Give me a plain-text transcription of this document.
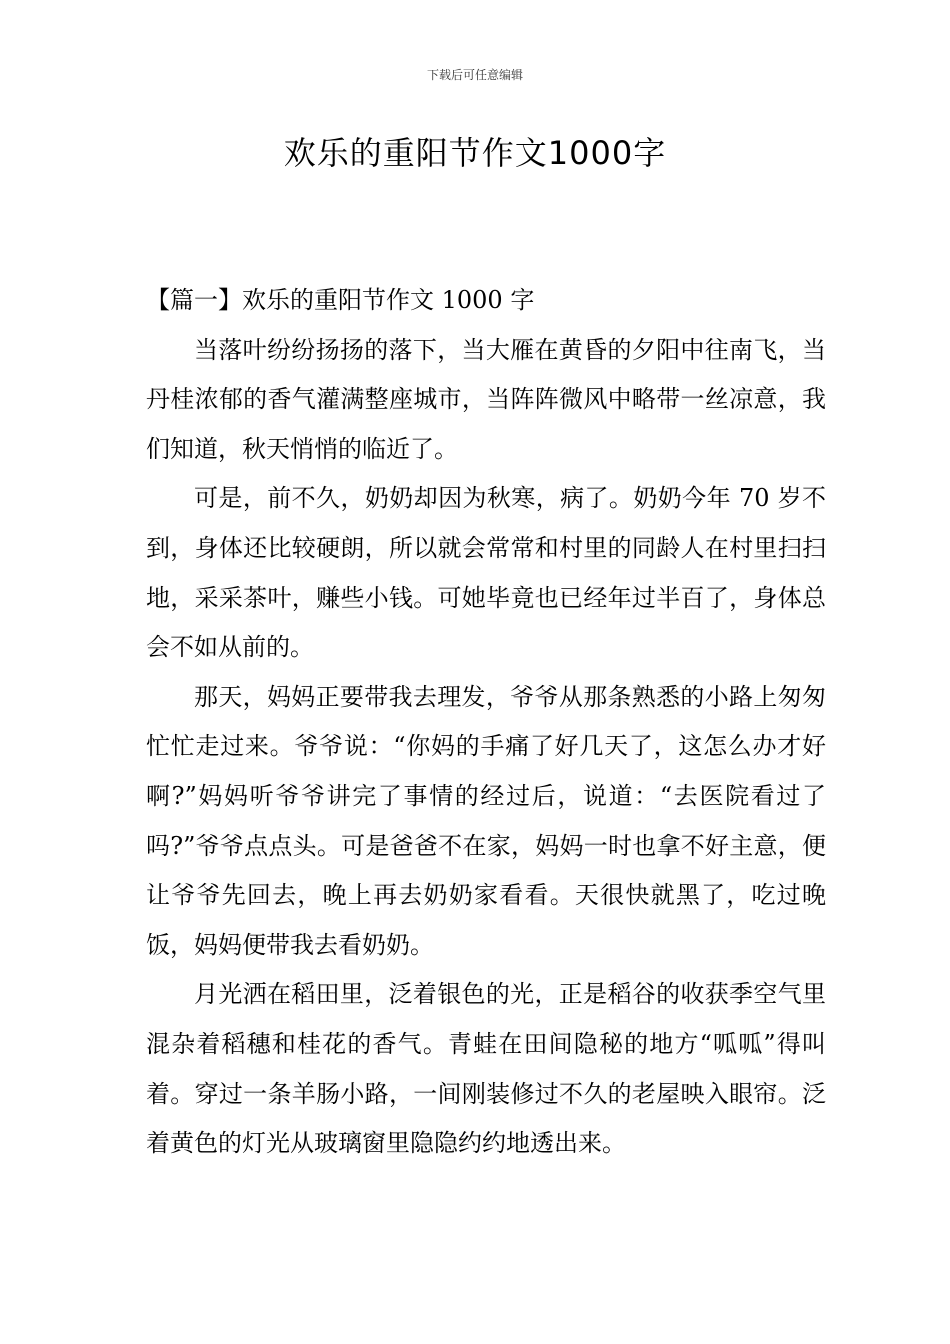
下载后可任意编辑
欢乐的重阳节作文1000字

【篇一】欢乐的重阳节作文 1000 字

当落叶纷纷扬扬的落下，当大雁在黄昏的夕阳中往南飞，当丹桂浓郁的香气灌满整座城市，当阵阵微风中略带一丝凉意，我们知道，秋天悄悄的临近了。

可是，前不久，奶奶却因为秋寒，病了。奶奶今年 70 岁不到，身体还比较硬朗，所以就会常常和村里的同龄人在村里扫扫地，采采茶叶，赚些小钱。可她毕竟也已经年过半百了，身体总会不如从前的。

那天，妈妈正要带我去理发，爷爷从那条熟悉的小路上匆匆忙忙走过来。爷爷说：“你妈的手痛了好几天了，这怎么办才好啊?”妈妈听爷爷讲完了事情的经过后，说道：“去医院看过了吗?”爷爷点点头。可是爸爸不在家，妈妈一时也拿不好主意，便让爷爷先回去，晚上再去奶奶家看看。天很快就黑了，吃过晚饭，妈妈便带我去看奶奶。

月光洒在稻田里，泛着银色的光，正是稻谷的收获季空气里混杂着稻穗和桂花的香气。青蛙在田间隐秘的地方“呱呱”得叫着。穿过一条羊肠小路，一间刚装修过不久的老屋映入眼帘。泛着黄色的灯光从玻璃窗里隐隐约约地透出来。
